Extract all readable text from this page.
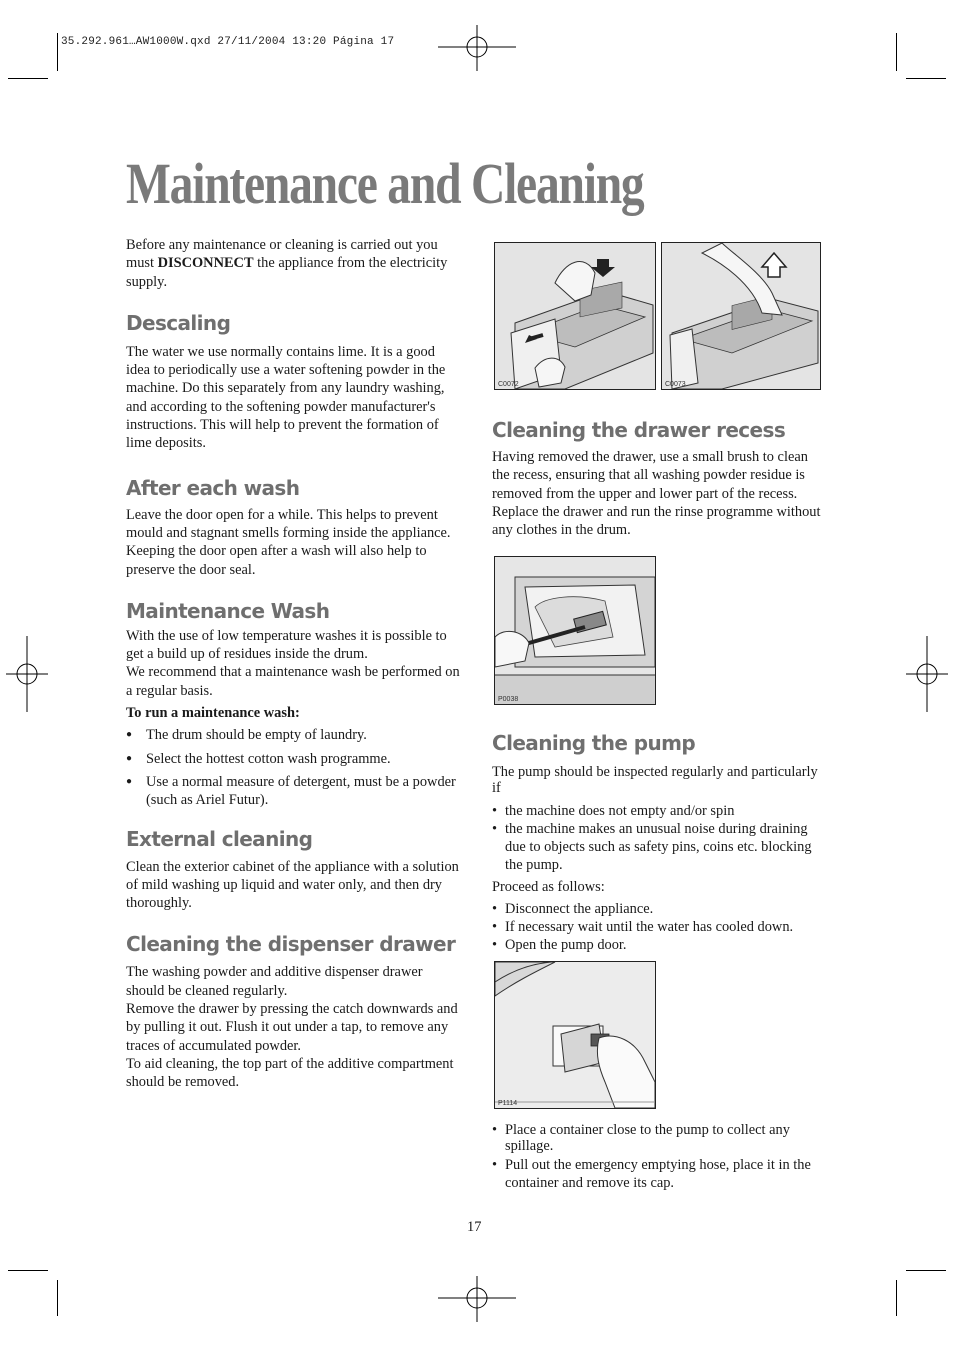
35.292.961…AW1000W.qxd 27/11/2004 13:20 Página 17
Maintenance and Cleaning

Before any maintenance or cleaning is carried out you must DISCONNECT the appliance from the electricity supply.

Descaling

The water we use normally contains lime. It is a good idea to periodically use a water softening powder in the machine. Do this separately from any laundry washing, and according to the softening powder manufacturer's instructions. This will help to prevent the formation of lime deposits.

After each wash

Leave the door open for a while. This helps to prevent mould and stagnant smells forming inside the appliance. Keeping the door open after a wash will also help to preserve the door seal.

Maintenance Wash

With the use of low temperature washes it is possible to get a build up of residues inside the drum.

We recommend that a maintenance wash be performed on a regular basis.

To run a maintenance wash:

● The drum should be empty of laundry.
● Select the hottest cotton wash programme.
● Use a normal measure of detergent, must be a powder (such as Ariel Futur).
External cleaning

Clean the exterior cabinet of the appliance with a solution of mild washing up liquid and water only, and then dry thoroughly.

Cleaning the dispenser drawer

The washing powder and additive dispenser drawer should be cleaned regularly.

Remove the drawer by pressing the catch downwards and by pulling it out. Flush it out under a tap, to remove any traces of accumulated powder.

To aid cleaning, the top part of the additive compartment should be removed.

C0072	C0073
Cleaning the drawer recess

Having removed the drawer, use a small brush to clean the recess, ensuring that all washing powder residue is removed from the upper and lower part of the recess. Replace the drawer and run the rinse programme without any clothes in the drum.

P0038
Cleaning the pump

The pump should be inspected regularly and particularly if

• the machine does not empty and/or spin
• the machine makes an unusual noise during draining due to objects such as safety pins, coins etc. blocking the pump.

Proceed as follows:

• Disconnect the appliance.
• If necessary wait until the water has cooled down.
• Open the pump door.
P1114
• Place a container close to the pump to collect any spillage.
• Pull out the emergency emptying hose, place it in the container and remove its cap.
17
